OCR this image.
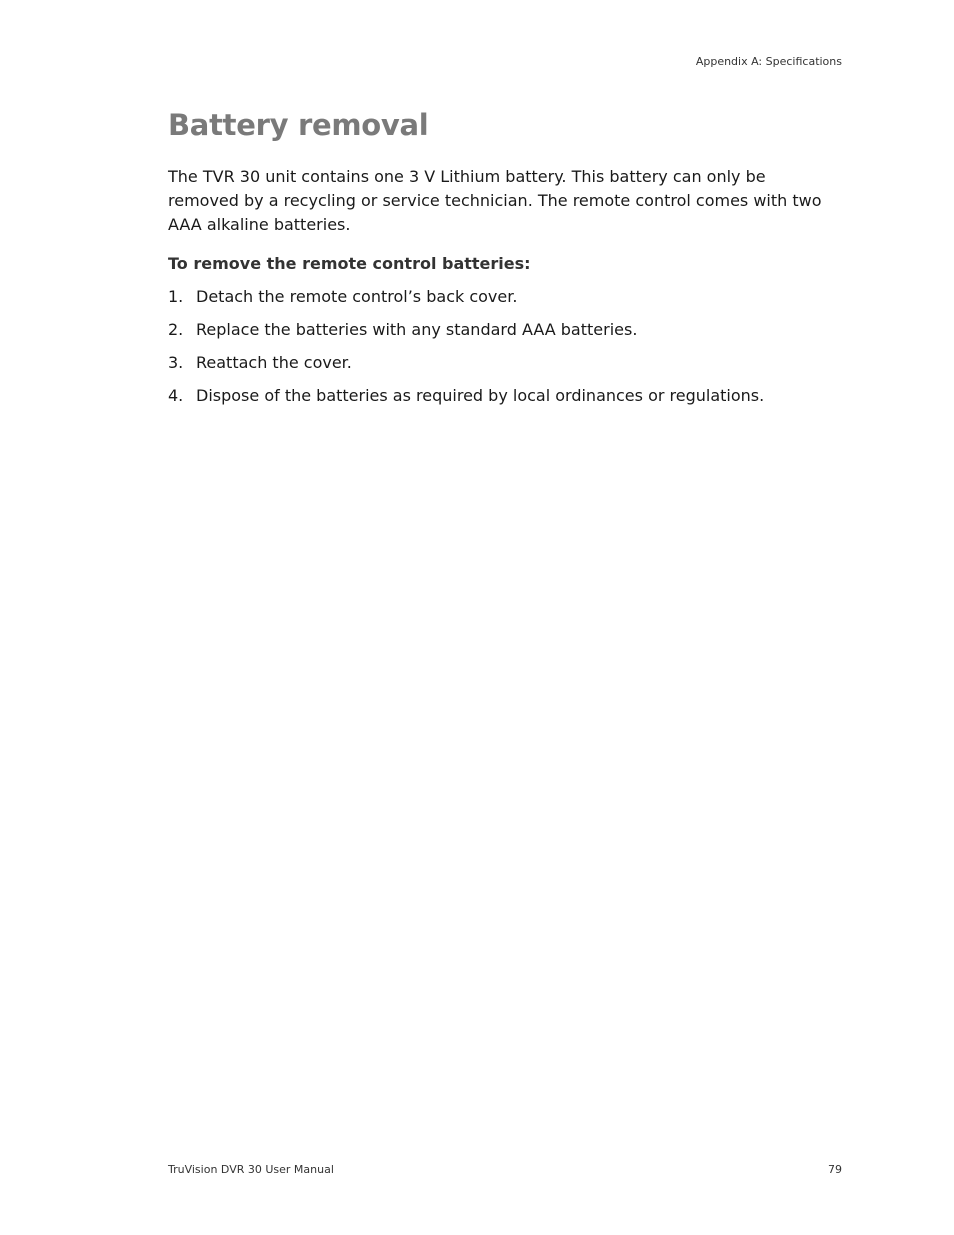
Appendix A: Specifications
Battery removal

The TVR 30 unit contains one 3 V Lithium battery. This battery can only be removed by a recycling or service technician. The remote control comes with two AAA alkaline batteries.

To remove the remote control batteries:

1. Detach the remote control’s back cover.
2. Replace the batteries with any standard AAA batteries.
3. Reattach the cover.
4. Dispose of the batteries as required by local ordinances or regulations.
TruVision DVR 30 User Manual	79
